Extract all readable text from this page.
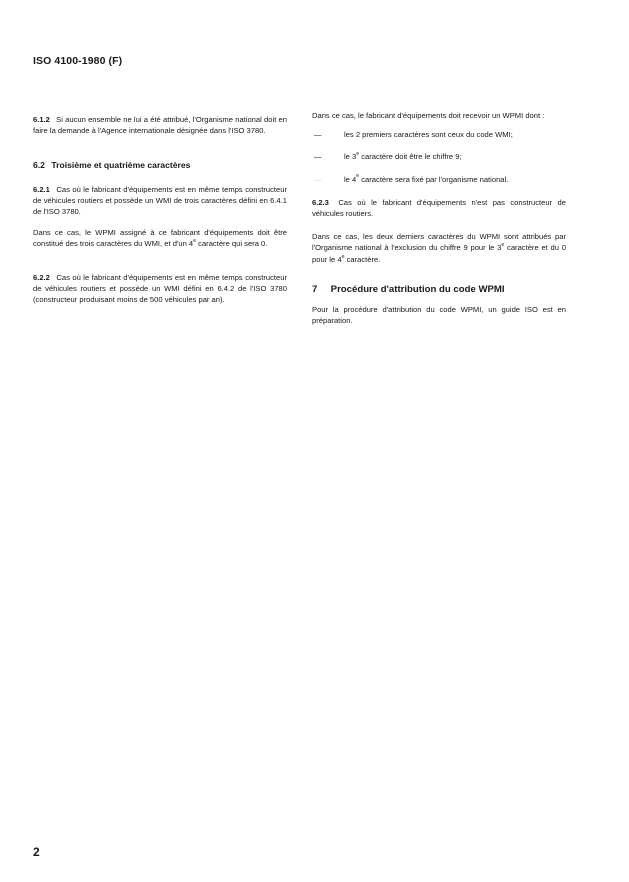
ISO 4100-1980 (F)

6.1.2 Si aucun ensemble ne lui a été attribué, l'Organisme national doit en faire la demande à l'Agence internationale désignée dans l'ISO 3780.

6.2 Troisième et quatrième caractères

6.2.1 Cas où le fabricant d'équipements est en même temps constructeur de véhicules routiers et possède un WMI de trois caractères défini en 6.4.1 de l'ISO 3780.

Dans ce cas, le WPMI assigné à ce fabricant d'équipements doit être constitué des trois caractères du WMI, et d'un 4e caractère qui sera 0.

6.2.2 Cas où le fabricant d'équipements est en même temps constructeur de véhicules routiers et possède un WMI défini en 6.4.2 de l'ISO 3780 (constructeur produisant moins de 500 véhicules par an).

Dans ce cas, le fabricant d'équipements doit recevoir un WPMI dont :

—	les 2 premiers caractères sont ceux du code WMI;
—	le 3e caractère doit être le chiffre 9;
—	le 4e caractère sera fixé par l'organisme national.

6.2.3 Cas où le fabricant d'équipements n'est pas constructeur de véhicules routiers.

Dans ce cas, les deux derniers caractères du WPMI sont attribués par l'Organisme national à l'exclusion du chiffre 9 pour le 3e caractère et du 0 pour le 4e caractère.

7 Procédure d'attribution du code WPMI

Pour la procédure d'attribution du code WPMI, un guide ISO est en préparation.

2
